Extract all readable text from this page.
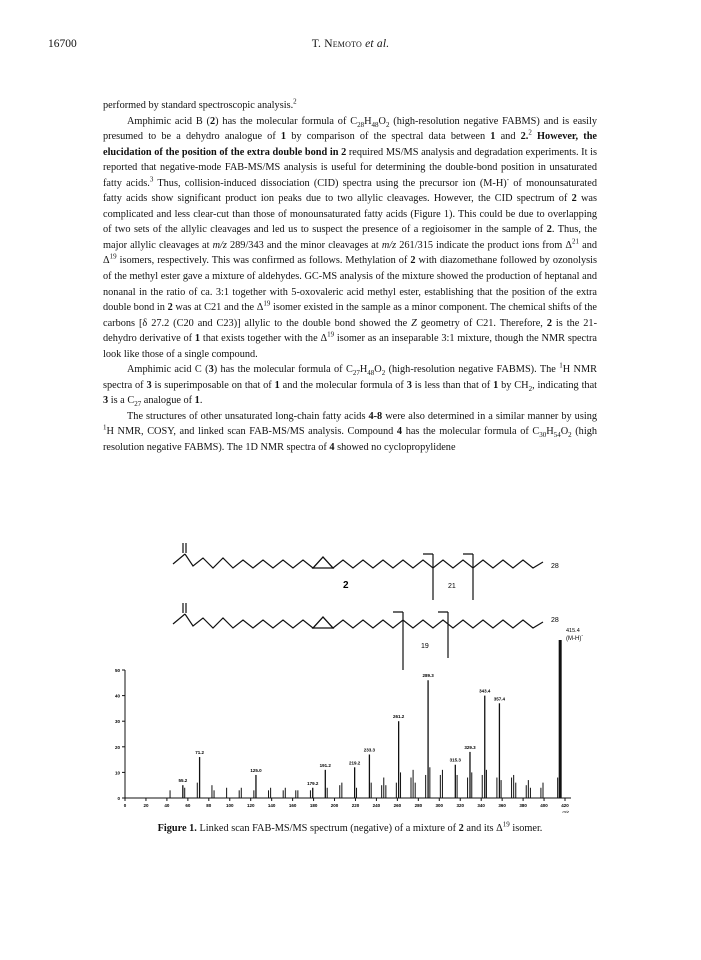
16700	T. Nemoto et al.

performed by standard spectroscopic analysis.$^2$

Amphimic acid B (2) has the molecular formula of $C_{28}H_{48}O_2$ (high-resolution negative FABMS) and is easily presumed to be a dehydro analogue of 1 by comparison of the spectral data between 1 and 2.$^2$ However, the elucidation of the position of the extra double bond in 2 required MS/MS analysis and degradation experiments. It is reported that negative-mode FAB-MS/MS analysis is useful for determining the double-bond position in unsaturated fatty acids.$^3$ Thus, collision-induced dissociation (CID) spectra using the precursor ion (M-H)- of monounsaturated fatty acids show significant product ion peaks due to two allylic cleavages. However, the CID spectrum of 2 was complicated and less clear-cut than those of monounsaturated fatty acids (Figure 1). This could be due to overlapping of two sets of the allylic cleavages and led us to suspect the presence of a regioisomer in the sample of 2. Thus, the major allylic cleavages at m/z 289/343 and the minor cleavages at m/z 261/315 indicate the product ions from $\Delta^{21}$ and $\Delta^{19}$ isomers, respectively. This was confirmed as follows. Methylation of 2 with diazomethane followed by ozonolysis of the methyl ester gave a mixture of aldehydes. GC-MS analysis of the mixture showed the production of heptanal and nonanal in the ratio of ca. 3:1 together with 5-oxovaleric acid methyl ester, establishing that the position of the extra double bond in 2 was at C21 and the $\Delta^{19}$ isomer existed in the sample as a minor component. The chemical shifts of the carbons [δ 27.2 (C20 and C23)] allylic to the double bond showed the Z geometry of C21. Therefore, 2 is the 21-dehydro derivative of 1 that exists together with the $\Delta^{19}$ isomer as an inseparable 3:1 mixture, though the NMR spectra look like those of a single compound.

Amphimic acid C (3) has the molecular formula of $C_{27}H_{48}O_2$ (high-resolution negative FABMS). The $^1$H NMR spectra of 3 is superimposable on that of 1 and the molecular formula of 3 is less than that of 1 by $CH_2$, indicating that 3 is a $C_{27}$ analogue of 1.

The structures of other unsaturated long-chain fatty acids 4-8 were also determined in a similar manner by using $^1$H NMR, COSY, and linked scan FAB-MS/MS analysis. Compound 4 has the molecular formula of $C_{30}H_{54}O_2$ (high resolution negative FABMS). The 1D NMR spectra of 4 showed no cyclopropylidene

2	21
19
28
28
415.4
(M-H)-
0
10
20
30
40
50
0	20	40	60	80	100	120	140	160	180	200	220	240	260	280	300	320	340	360	380	400	420
m/z
55.2
71.2
125.0
179.2
191.2
219.2
233.3
261.2
289.3
315.3
329.3
343.4
357.4
Figure 1. Linked scan FAB-MS/MS spectrum (negative) of a mixture of 2 and its $\Delta^{19}$ isomer.
